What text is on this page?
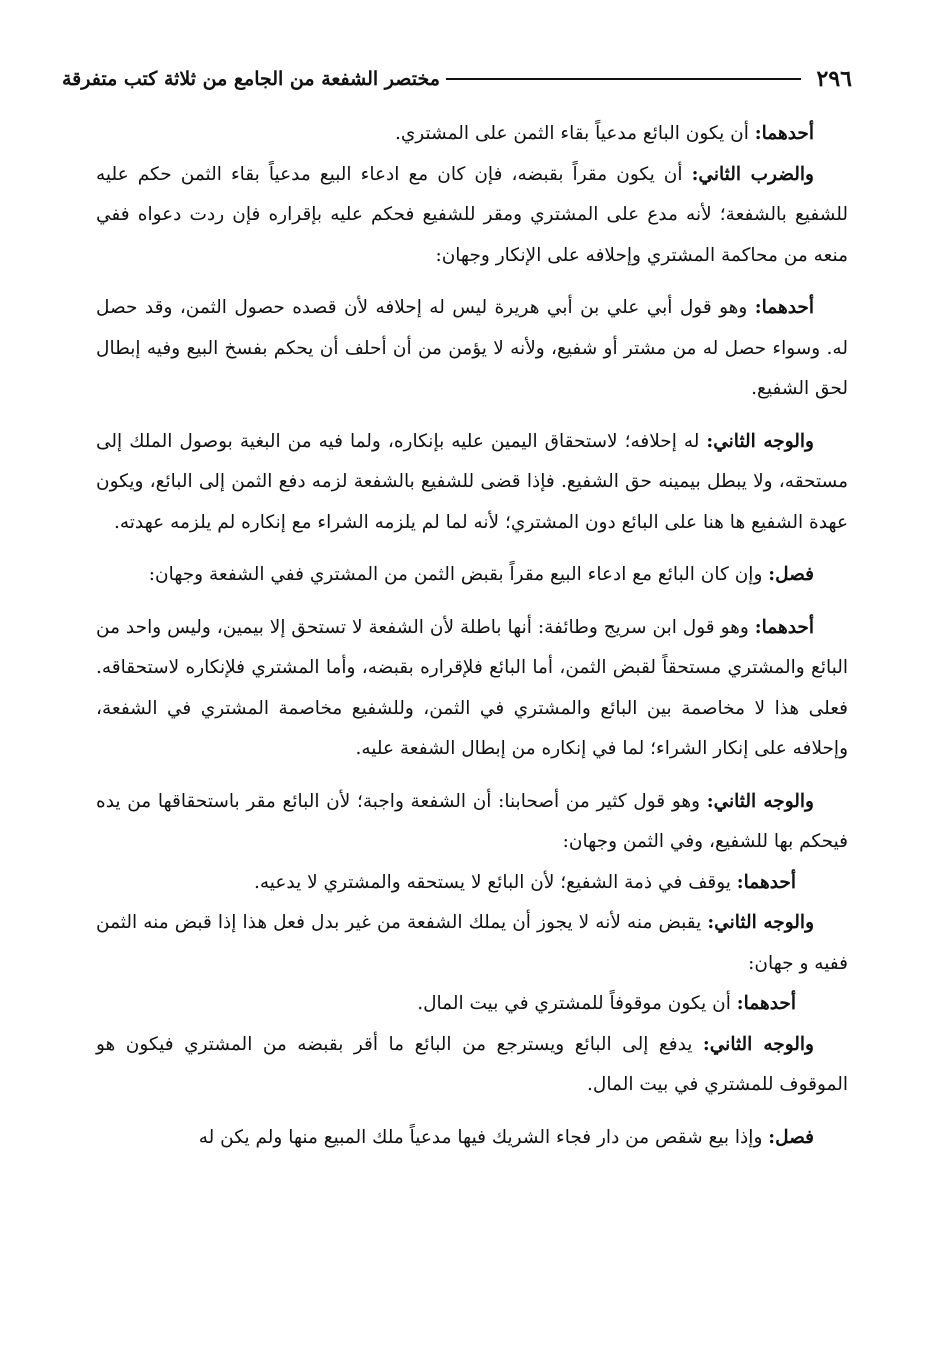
٢٩٦
مختصر الشفعة من الجامع من ثلاثة كتب متفرقة

أحدهما: أن يكون البائع مدعياً بقاء الثمن على المشتري.

والضرب الثاني: أن يكون مقراً بقبضه، فإن كان مع ادعاء البيع مدعياً بقاء الثمن حكم عليه للشفيع بالشفعة؛ لأنه مدع على المشتري ومقر للشفيع فحكم عليه بإقراره فإن ردت دعواه ففي منعه من محاكمة المشتري وإحلافه على الإنكار وجهان:

أحدهما: وهو قول أبي علي بن أبي هريرة ليس له إحلافه لأن قصده حصول الثمن، وقد حصل له. وسواء حصل له من مشتر أو شفيع، ولأنه لا يؤمن من أن أحلف أن يحكم بفسخ البيع وفيه إبطال لحق الشفيع.

والوجه الثاني: له إحلافه؛ لاستحقاق اليمين عليه بإنكاره، ولما فيه من البغية بوصول الملك إلى مستحقه، ولا يبطل بيمينه حق الشفيع. فإذا قضى للشفيع بالشفعة لزمه دفع الثمن إلى البائع، ويكون عهدة الشفيع ها هنا على البائع دون المشتري؛ لأنه لما لم يلزمه الشراء مع إنكاره لم يلزمه عهدته.

فصل: وإن كان البائع مع ادعاء البيع مقراً بقبض الثمن من المشتري ففي الشفعة وجهان:

أحدهما: وهو قول ابن سريج وطائفة: أنها باطلة لأن الشفعة لا تستحق إلا بيمين، وليس واحد من البائع والمشتري مستحقاً لقبض الثمن، أما البائع فلإقراره بقبضه، وأما المشتري فلإنكاره لاستحقاقه. فعلى هذا لا مخاصمة بين البائع والمشتري في الثمن، وللشفيع مخاصمة المشتري في الشفعة، وإحلافه على إنكار الشراء؛ لما في إنكاره من إبطال الشفعة عليه.

والوجه الثاني: وهو قول كثير من أصحابنا: أن الشفعة واجبة؛ لأن البائع مقر باستحقاقها من يده فيحكم بها للشفيع، وفي الثمن وجهان:

أحدهما: يوقف في ذمة الشفيع؛ لأن البائع لا يستحقه والمشتري لا يدعيه.

والوجه الثاني: يقبض منه لأنه لا يجوز أن يملك الشفعة من غير بدل فعل هذا إذا قبض منه الثمن ففيه و جهان:

أحدهما: أن يكون موقوفاً للمشتري في بيت المال.

والوجه الثاني: يدفع إلى البائع ويسترجع من البائع ما أقر بقبضه من المشتري فيكون هو الموقوف للمشتري في بيت المال.

فصل: وإذا بيع شقص من دار فجاء الشريك فيها مدعياً ملك المبيع منها ولم يكن له
